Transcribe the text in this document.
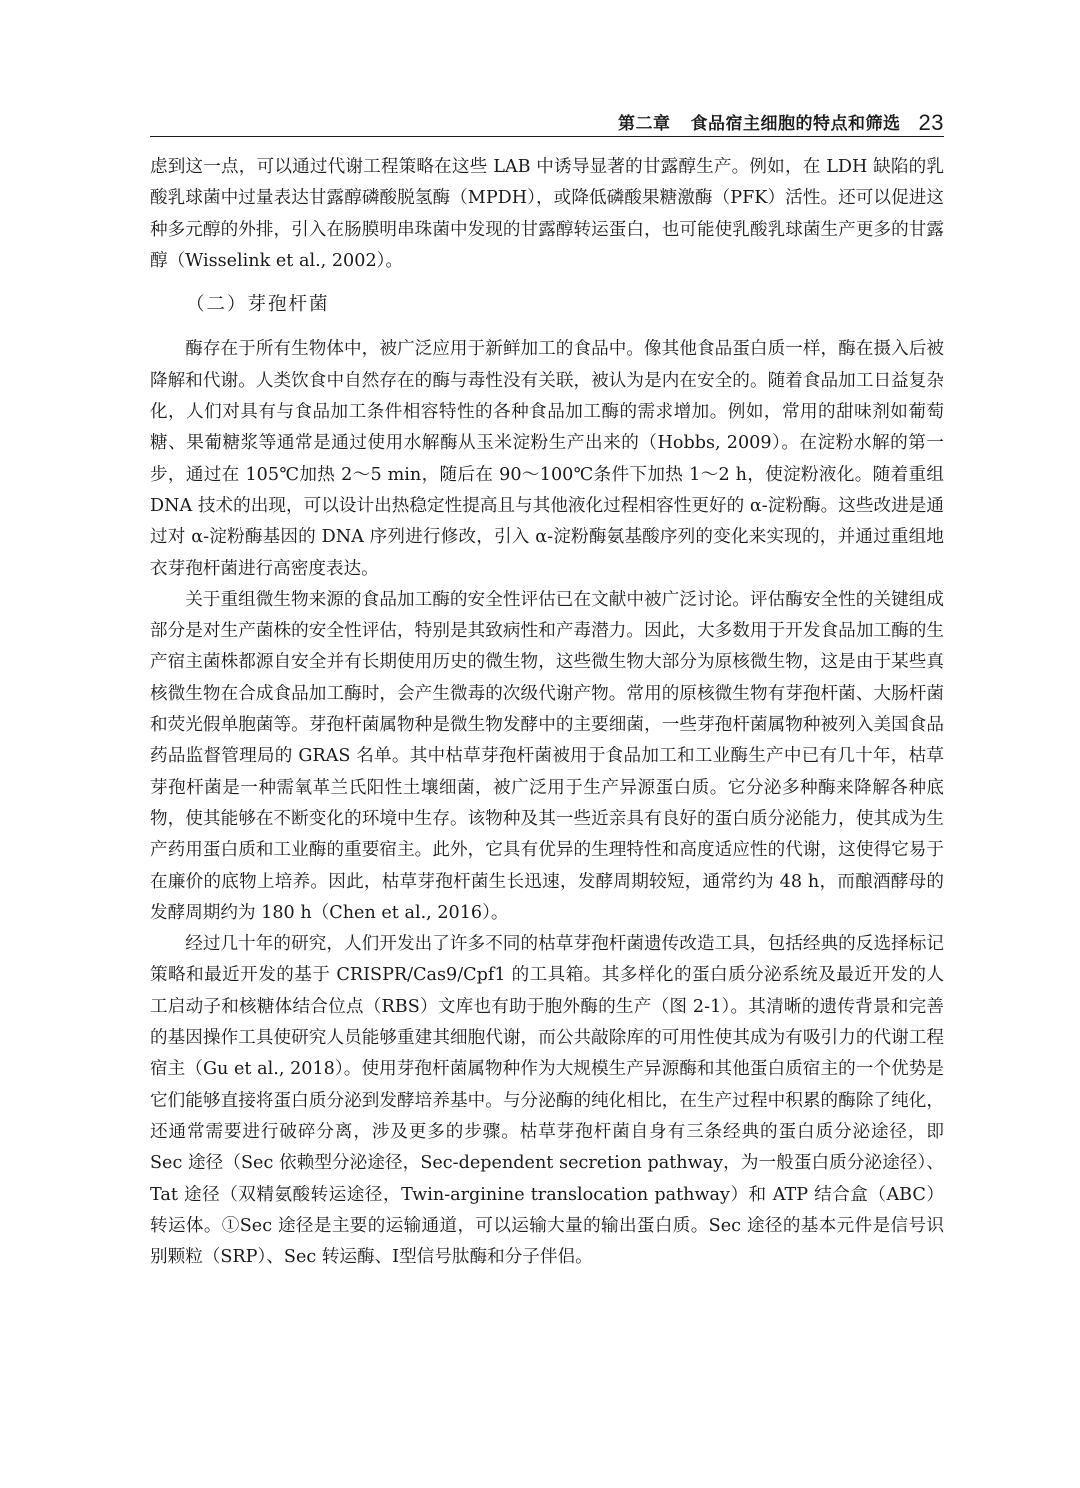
第二章 食品宿主细胞的特点和筛选 23

虑到这一点，可以通过代谢工程策略在这些 LAB 中诱导显著的甘露醇生产。例如，在 LDH 缺陷的乳酸乳球菌中过量表达甘露醇磷酸脱氢酶（MPDH），或降低磷酸果糖激酶（PFK）活性。还可以促进这种多元醇的外排，引入在肠膜明串珠菌中发现的甘露醇转运蛋白，也可能使乳酸乳球菌生产更多的甘露醇（Wisselink et al., 2002）。

（二）芽孢杆菌

酶存在于所有生物体中，被广泛应用于新鲜加工的食品中。像其他食品蛋白质一样，酶在摄入后被降解和代谢。人类饮食中自然存在的酶与毒性没有关联，被认为是内在安全的。随着食品加工日益复杂化，人们对具有与食品加工条件相容特性的各种食品加工酶的需求增加。例如，常用的甜味剂如葡萄糖、果葡糖浆等通常是通过使用水解酶从玉米淀粉生产出来的（Hobbs, 2009）。在淀粉水解的第一步，通过在 105℃加热 2～5 min，随后在 90～100℃条件下加热 1～2 h，使淀粉液化。随着重组 DNA 技术的出现，可以设计出热稳定性提高且与其他液化过程相容性更好的 α-淀粉酶。这些改进是通过对 α-淀粉酶基因的 DNA 序列进行修改，引入 α-淀粉酶氨基酸序列的变化来实现的，并通过重组地衣芽孢杆菌进行高密度表达。

关于重组微生物来源的食品加工酶的安全性评估已在文献中被广泛讨论。评估酶安全性的关键组成部分是对生产菌株的安全性评估，特别是其致病性和产毒潜力。因此，大多数用于开发食品加工酶的生产宿主菌株都源自安全并有长期使用历史的微生物，这些微生物大部分为原核微生物，这是由于某些真核微生物在合成食品加工酶时，会产生微毒的次级代谢产物。常用的原核微生物有芽孢杆菌、大肠杆菌和荧光假单胞菌等。芽孢杆菌属物种是微生物发酵中的主要细菌，一些芽孢杆菌属物种被列入美国食品药品监督管理局的 GRAS 名单。其中枯草芽孢杆菌被用于食品加工和工业酶生产中已有几十年，枯草芽孢杆菌是一种需氧革兰氏阳性土壤细菌，被广泛用于生产异源蛋白质。它分泌多种酶来降解各种底物，使其能够在不断变化的环境中生存。该物种及其一些近亲具有良好的蛋白质分泌能力，使其成为生产药用蛋白质和工业酶的重要宿主。此外，它具有优异的生理特性和高度适应性的代谢，这使得它易于在廉价的底物上培养。因此，枯草芽孢杆菌生长迅速，发酵周期较短，通常约为 48 h，而酿酒酵母的发酵周期约为 180 h（Chen et al., 2016）。

经过几十年的研究，人们开发出了许多不同的枯草芽孢杆菌遗传改造工具，包括经典的反选择标记策略和最近开发的基于 CRISPR/Cas9/Cpf1 的工具箱。其多样化的蛋白质分泌系统及最近开发的人工启动子和核糖体结合位点（RBS）文库也有助于胞外酶的生产（图 2-1）。其清晰的遗传背景和完善的基因操作工具使研究人员能够重建其细胞代谢，而公共敲除库的可用性使其成为有吸引力的代谢工程宿主（Gu et al., 2018）。使用芽孢杆菌属物种作为大规模生产异源酶和其他蛋白质宿主的一个优势是它们能够直接将蛋白质分泌到发酵培养基中。与分泌酶的纯化相比，在生产过程中积累的酶除了纯化，还通常需要进行破碎分离，涉及更多的步骤。枯草芽孢杆菌自身有三条经典的蛋白质分泌途径，即 Sec 途径（Sec 依赖型分泌途径，Sec-dependent secretion pathway，为一般蛋白质分泌途径）、Tat 途径（双精氨酸转运途径，Twin-arginine translocation pathway）和 ATP 结合盒（ABC）转运体。①Sec 途径是主要的运输通道，可以运输大量的输出蛋白质。Sec 途径的基本元件是信号识别颗粒（SRP）、Sec 转运酶、Ⅰ型信号肽酶和分子伴侣。
